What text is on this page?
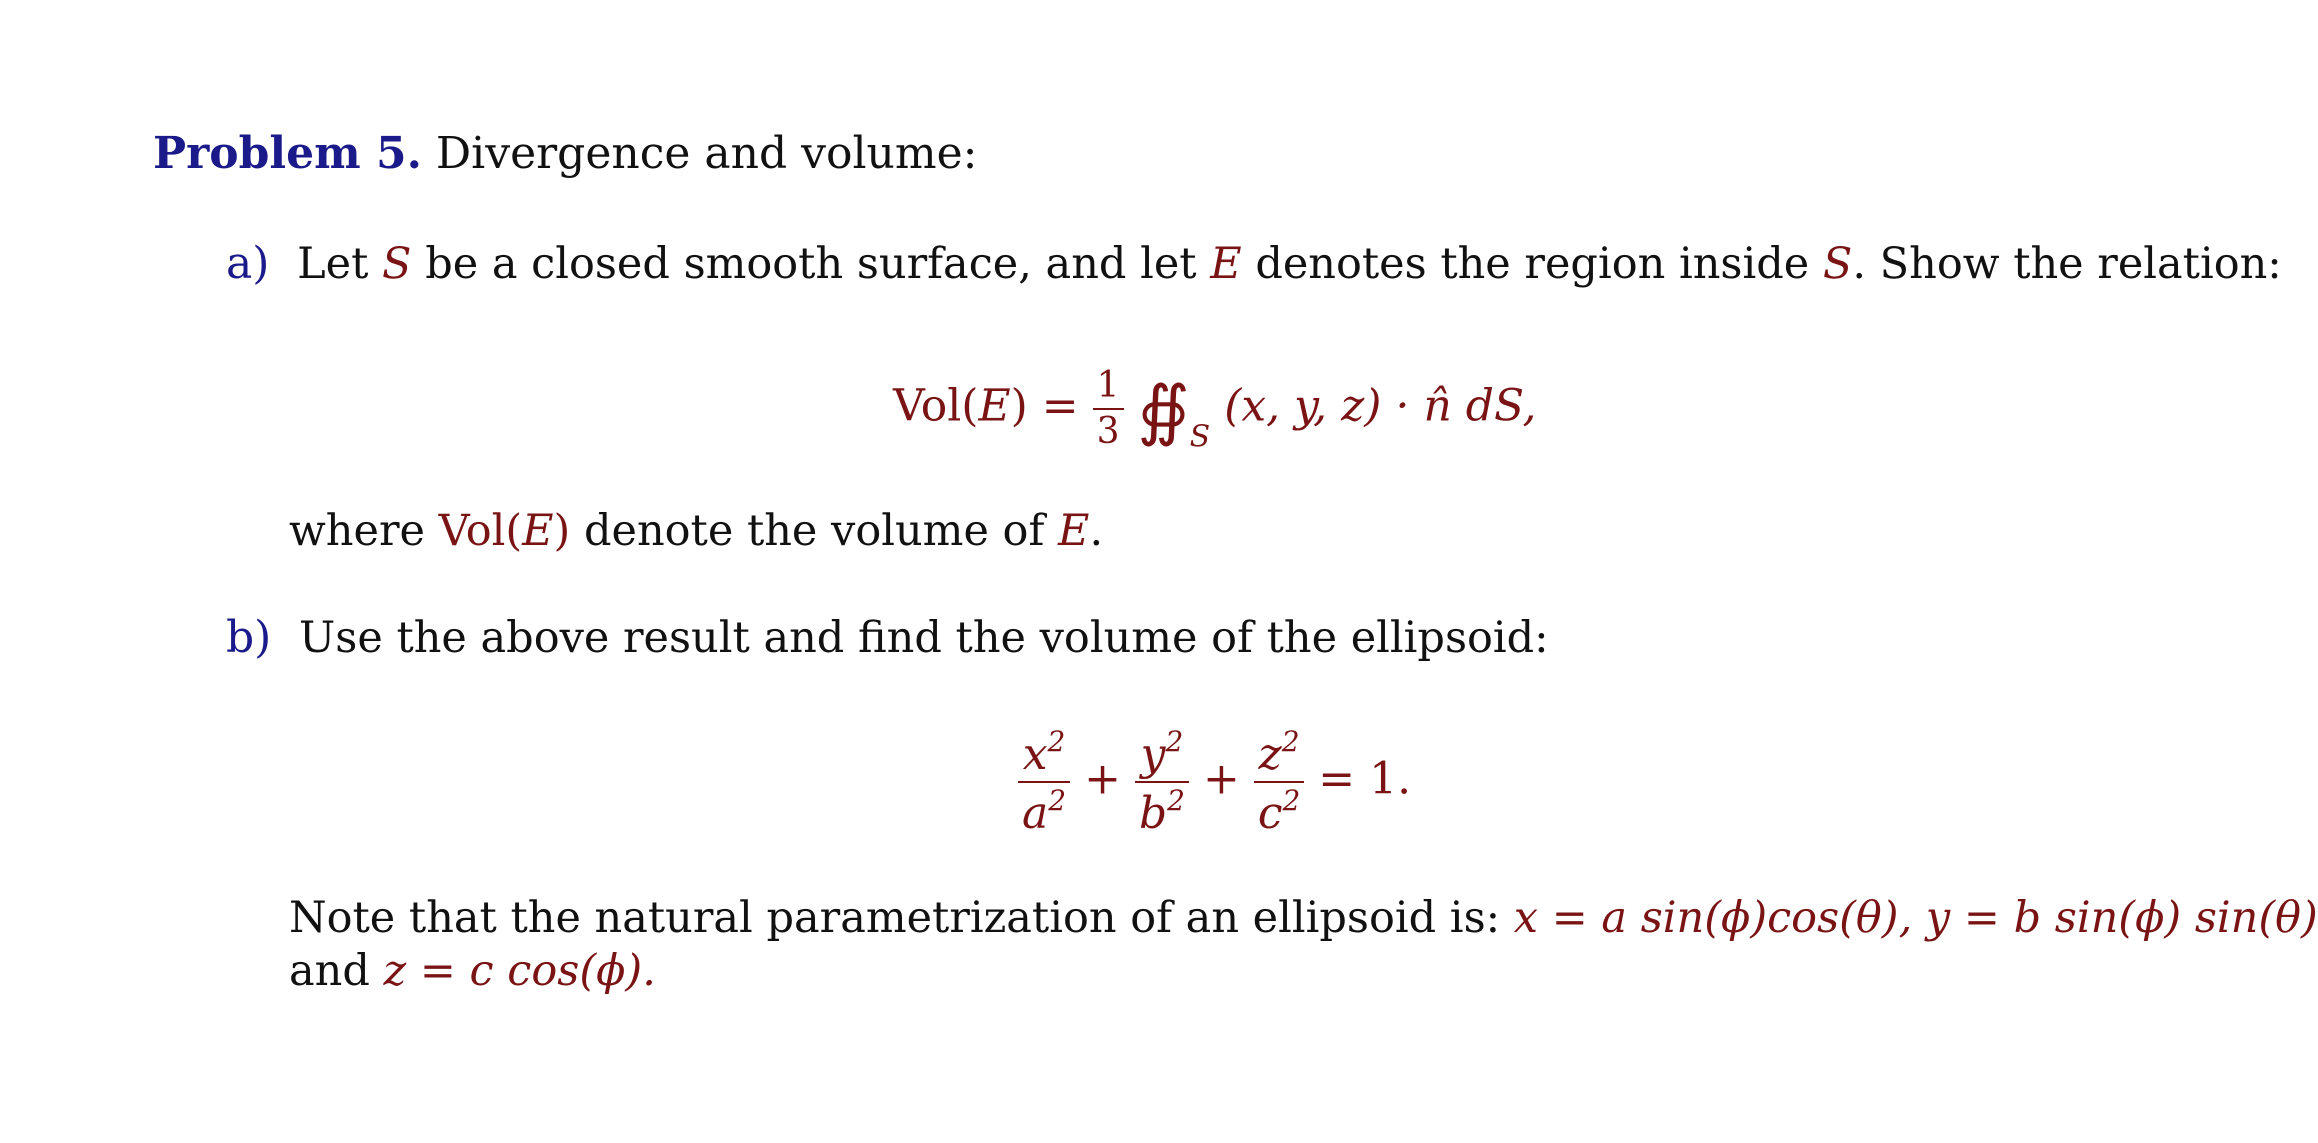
Problem 5. Divergence and volume:
a) Let S be a closed smooth surface, and let E denotes the region inside S. Show the relation:
$Vol(E) = \frac{1}{3}$ $∯_S$ (x, y, z) · n̂ dS,
where Vol(E) denote the volume of E.
b) Use the above result and find the volume of the ellipsoid:
$\frac{x^2}{a^2} + \frac{y^2}{b^2} + \frac{z^2}{c^2} = 1$.
Note that the natural parametrization of an ellipsoid is: x = a sin(ϕ)cos(θ), y = b sin(ϕ) sin(θ)
and z = c cos(ϕ).
